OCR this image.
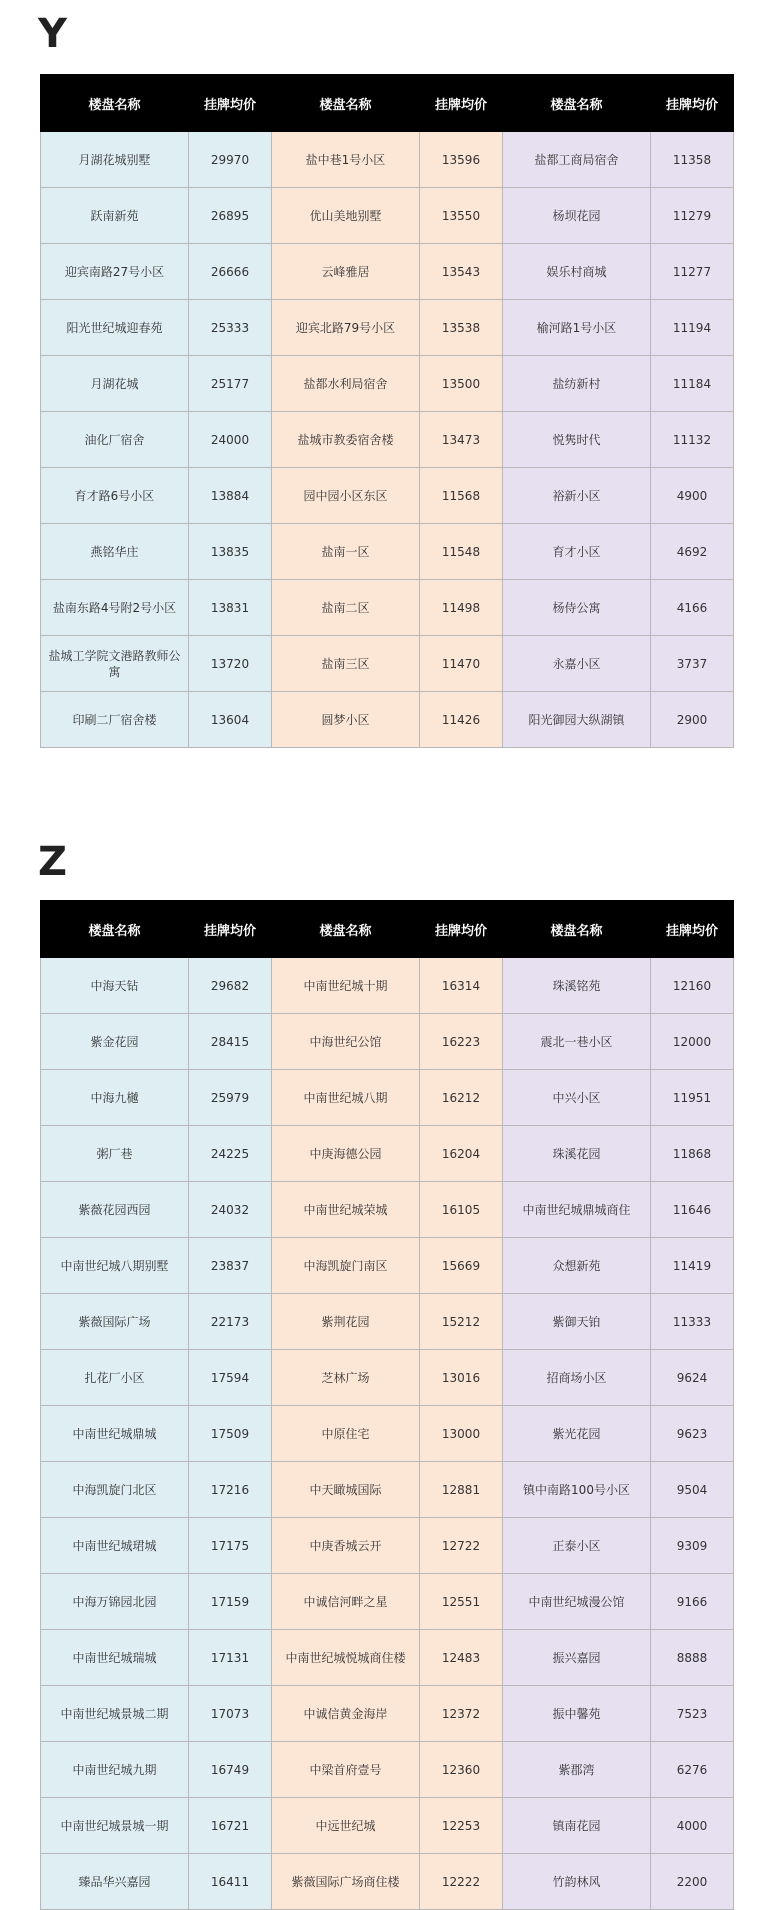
Y
楼盘名称	挂牌均价	楼盘名称	挂牌均价	楼盘名称	挂牌均价
月湖花城别墅	29970	盐中巷1号小区	13596	盐都工商局宿舍	11358
跃南新苑	26895	优山美地别墅	13550	杨坝花园	11279
迎宾南路27号小区	26666	云峰雅居	13543	娱乐村商城	11277
阳光世纪城迎春苑	25333	迎宾北路79号小区	13538	榆河路1号小区	11194
月湖花城	25177	盐都水利局宿舍	13500	盐纺新村	11184
油化厂宿舍	24000	盐城市教委宿舍楼	13473	悦隽时代	11132
育才路6号小区	13884	园中园小区东区	11568	裕新小区	4900
燕铭华庄	13835	盐南一区	11548	育才小区	4692
盐南东路4号附2号小区	13831	盐南二区	11498	杨侍公寓	4166
盐城工学院文港路教师公寓	13720	盐南三区	11470	永嘉小区	3737
印刷二厂宿舍楼	13604	圆梦小区	11426	阳光御园大纵湖镇	2900
Z
楼盘名称	挂牌均价	楼盘名称	挂牌均价	楼盘名称	挂牌均价
中海天钻	29682	中南世纪城十期	16314	珠溪铭苑	12160
紫金花园	28415	中海世纪公馆	16223	震北一巷小区	12000
中海九樾	25979	中南世纪城八期	16212	中兴小区	11951
粥厂巷	24225	中庚海德公园	16204	珠溪花园	11868
紫薇花园西园	24032	中南世纪城荣城	16105	中南世纪城鼎城商住	11646
中南世纪城八期别墅	23837	中海凯旋门南区	15669	众想新苑	11419
紫薇国际广场	22173	紫荆花园	15212	紫御天铂	11333
扎花厂小区	17594	芝林广场	13016	招商场小区	9624
中南世纪城鼎城	17509	中原住宅	13000	紫光花园	9623
中海凯旋门北区	17216	中天瞰城国际	12881	镇中南路100号小区	9504
中南世纪城珺城	17175	中庚香城云开	12722	正泰小区	9309
中海万锦园北园	17159	中诚信河畔之星	12551	中南世纪城漫公馆	9166
中南世纪城瑞城	17131	中南世纪城悦城商住楼	12483	振兴嘉园	8888
中南世纪城景城二期	17073	中诚信黄金海岸	12372	振中馨苑	7523
中南世纪城九期	16749	中梁首府壹号	12360	紫郡湾	6276
中南世纪城景城一期	16721	中远世纪城	12253	镇南花园	4000
臻品华兴嘉园	16411	紫薇国际广场商住楼	12222	竹韵林风	2200
